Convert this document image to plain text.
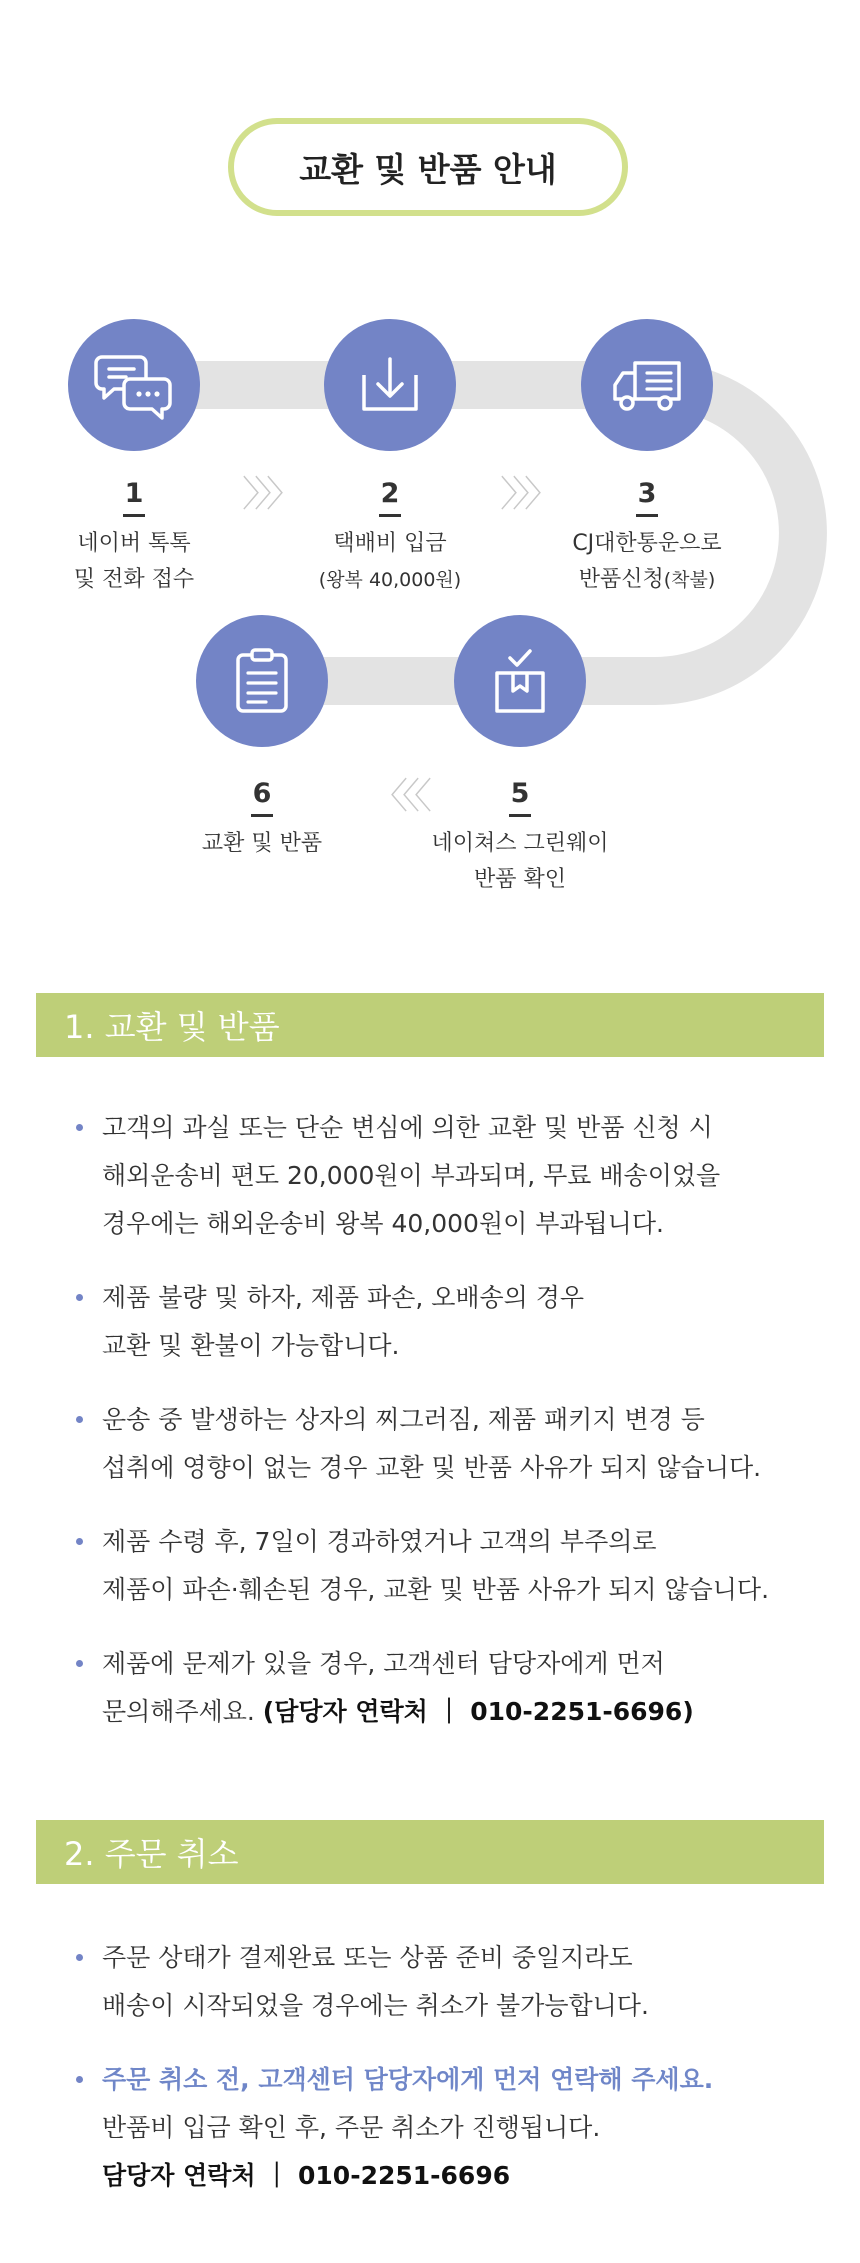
교환 및 반품 안내
1
네이버 톡톡
및 전화 접수
〉〉〉	2
택배비 입금
(왕복 40,000원)
〉〉〉	3
CJ대한통운으로
반품신청(착불)
6
교환 및 반품
〈〈〈	5
네이쳐스 그린웨이
반품 확인
1. 교환 및 반품
고객의 과실 또는 단순 변심에 의한 교환 및 반품 신청 시
해외운송비 편도 20,000원이 부과되며, 무료 배송이었을
경우에는 해외운송비 왕복 40,000원이 부과됩니다.
제품 불량 및 하자, 제품 파손, 오배송의 경우
교환 및 환불이 가능합니다.
운송 중 발생하는 상자의 찌그러짐, 제품 패키지 변경 등
섭취에 영향이 없는 경우 교환 및 반품 사유가 되지 않습니다.
제품 수령 후, 7일이 경과하였거나 고객의 부주의로
제품이 파손·훼손된 경우, 교환 및 반품 사유가 되지 않습니다.
제품에 문제가 있을 경우, 고객센터 담당자에게 먼저
문의해주세요. (담당자 연락처 ｜ 010-2251-6696)
2. 주문 취소
주문 상태가 결제완료 또는 상품 준비 중일지라도
배송이 시작되었을 경우에는 취소가 불가능합니다.
주문 취소 전, 고객센터 담당자에게 먼저 연락해 주세요.
반품비 입금 확인 후, 주문 취소가 진행됩니다.
담당자 연락처 ｜ 010-2251-6696
